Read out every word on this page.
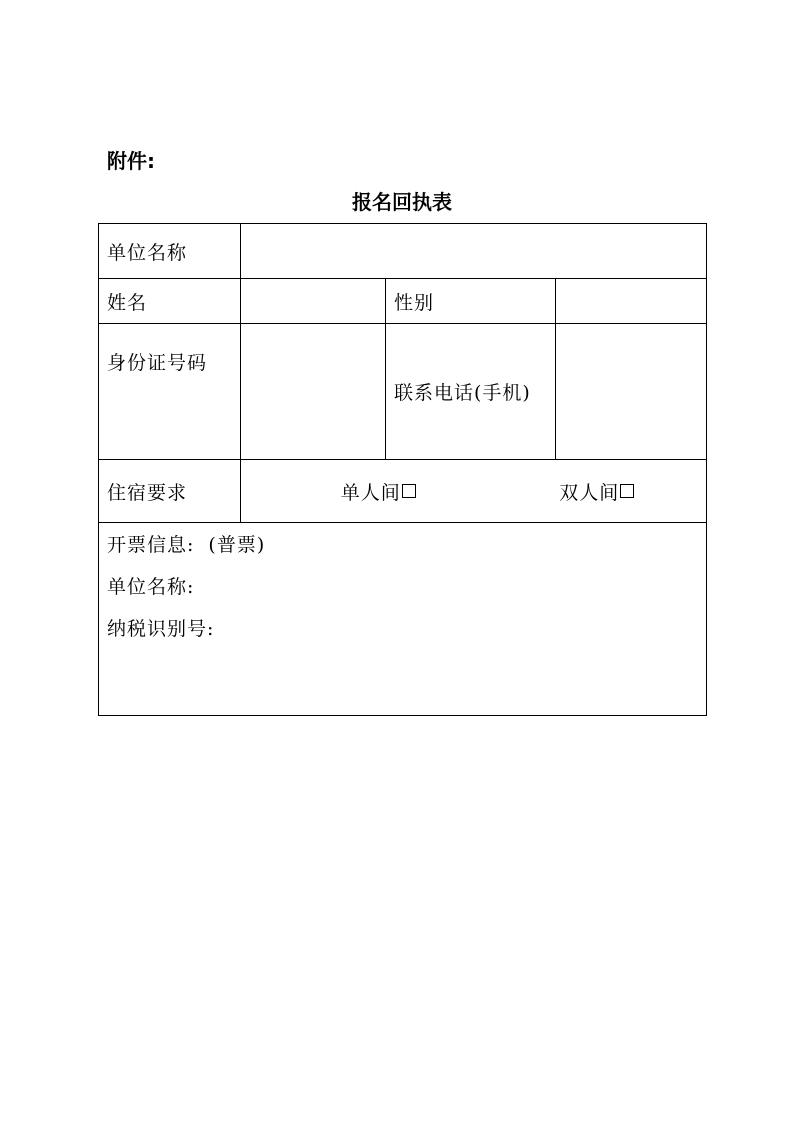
附件:
报名回执表
单位名称			
姓名		性别	
身份证号码		联系电话(手机)	
住宿要求	单人间 双人间		

开票信息: (普票)
单位名称:
纳税识别号:			
